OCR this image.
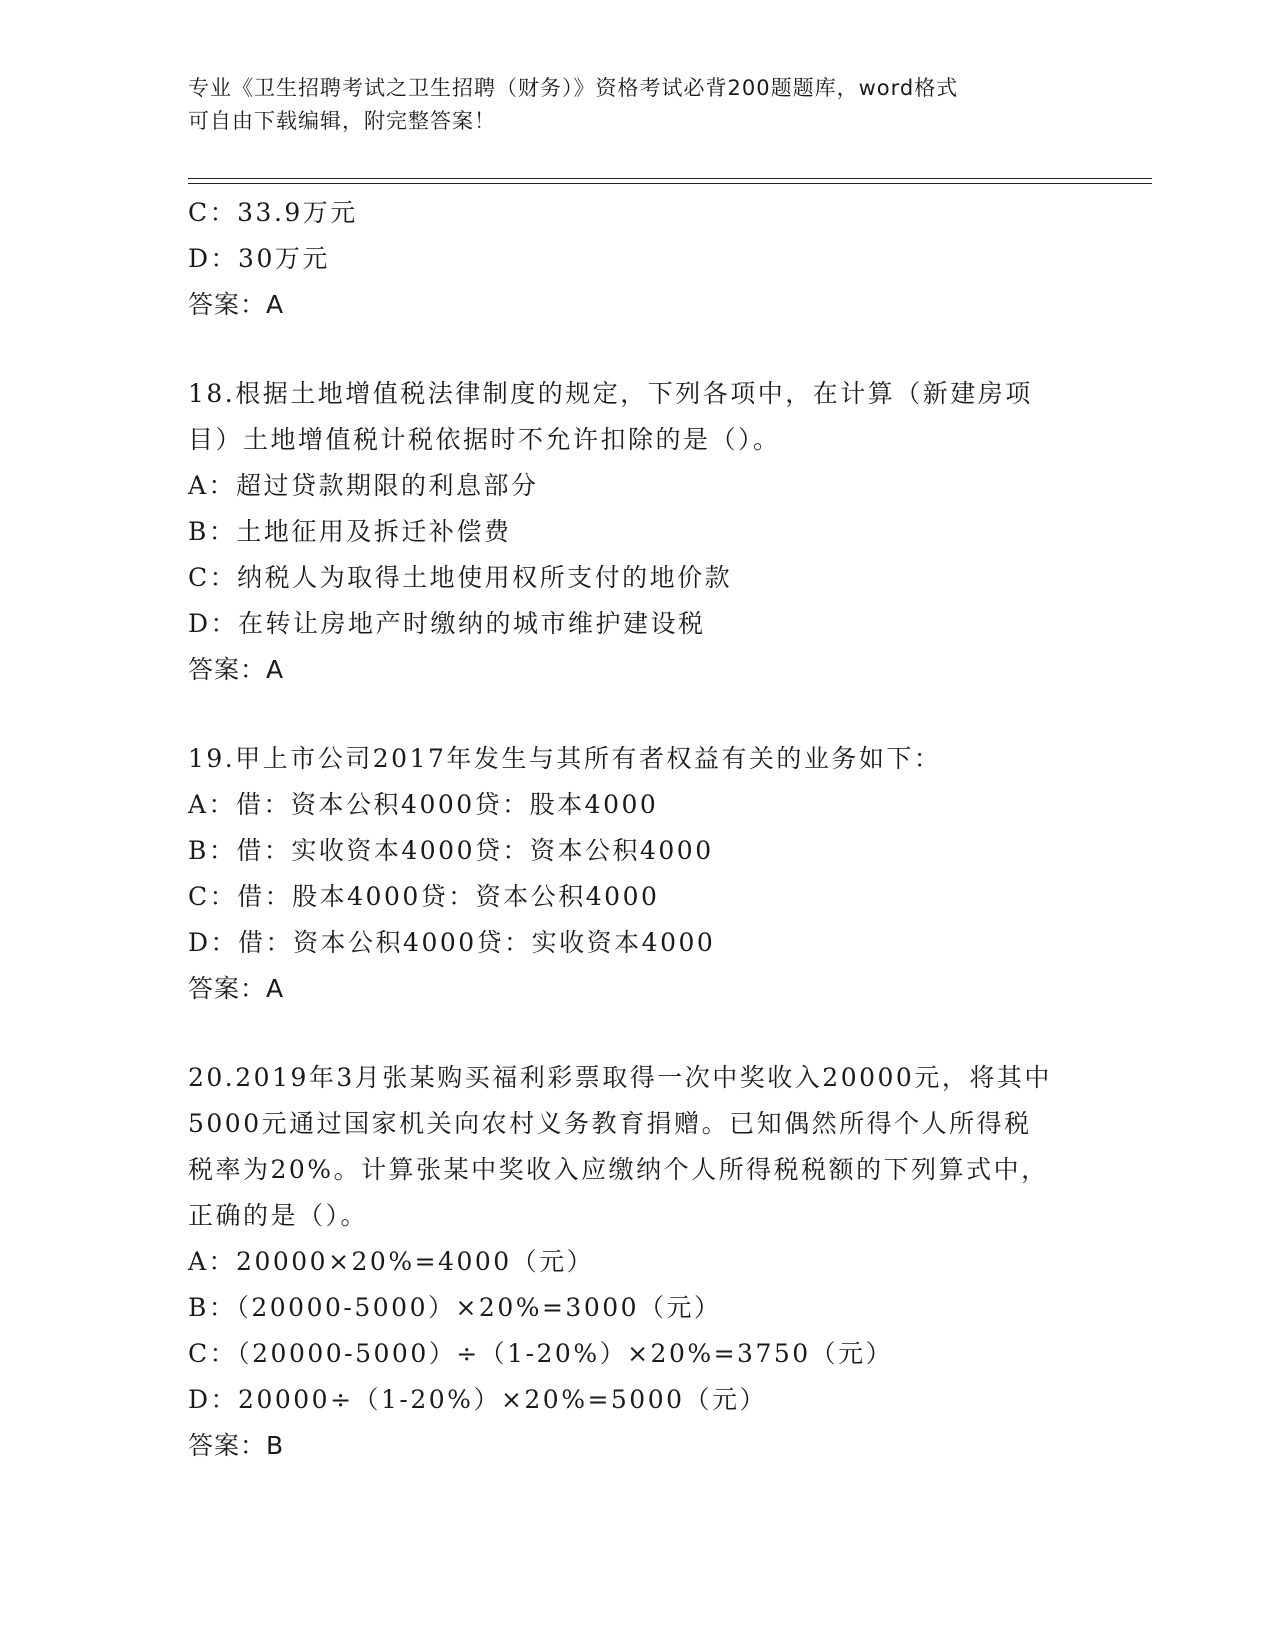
专业《卫生招聘考试之卫生招聘（财务）》资格考试必背200题题库，word格式
可自由下载编辑，附完整答案！
C：33.9万元
D：30万元
答案：A
18.根据土地增值税法律制度的规定，下列各项中，在计算（新建房项
目）土地增值税计税依据时不允许扣除的是（）。
A：超过贷款期限的利息部分
B：土地征用及拆迁补偿费
C：纳税人为取得土地使用权所支付的地价款
D：在转让房地产时缴纳的城市维护建设税
答案：A
19.甲上市公司2017年发生与其所有者权益有关的业务如下：
A：借：资本公积4000贷：股本4000
B：借：实收资本4000贷：资本公积4000
C：借：股本4000贷：资本公积4000
D：借：资本公积4000贷：实收资本4000
答案：A
20.2019年3月张某购买福利彩票取得一次中奖收入20000元，将其中
5000元通过国家机关向农村义务教育捐赠。已知偶然所得个人所得税
税率为20%。计算张某中奖收入应缴纳个人所得税税额的下列算式中，
正确的是（）。
A：20000×20%=4000（元）
B：（20000-5000）×20%=3000（元）
C：（20000-5000）÷（1-20%）×20%=3750（元）
D：20000÷（1-20%）×20%=5000（元）
答案：B
